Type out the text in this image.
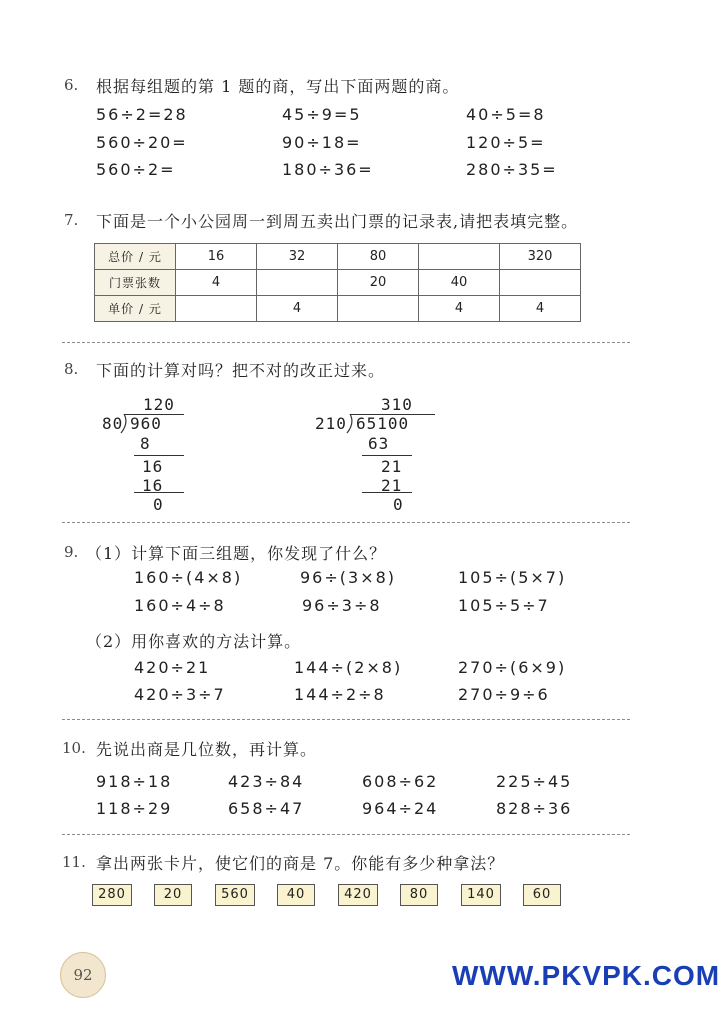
6. 根据每组题的第 1 题的商，写出下面两题的商。
56÷2=28	45÷9=5	40÷5=8
560÷20=	90÷18=	120÷5=
560÷2=	180÷36=	280÷35=
7. 下面是一个小公园周一到周五卖出门票的记录表,请把表填完整。
总价 / 元	16	32	80		320
门票张数	4		20	40	
单价 / 元		4		4	4
8. 下面的计算对吗？把不对的改正过来。
120
80 960
8
16
16
0
310
210 65100
63
21
21
0
9. （1）计算下面三组题，你发现了什么？
160÷(4×8)	96÷(3×8)	105÷(5×7)
160÷4÷8	96÷3÷8	105÷5÷7
（2）用你喜欢的方法计算。
420÷21	144÷(2×8)	270÷(6×9)
420÷3÷7	144÷2÷8	270÷9÷6
10. 先说出商是几位数，再计算。
918÷18	423÷84	608÷62	225÷45
118÷29	658÷47	964÷24	828÷36
11. 拿出两张卡片，使它们的商是 7。你能有多少种拿法？
280	20	560	40	420	80	140	60
92	WWW.PKVPK.COM
